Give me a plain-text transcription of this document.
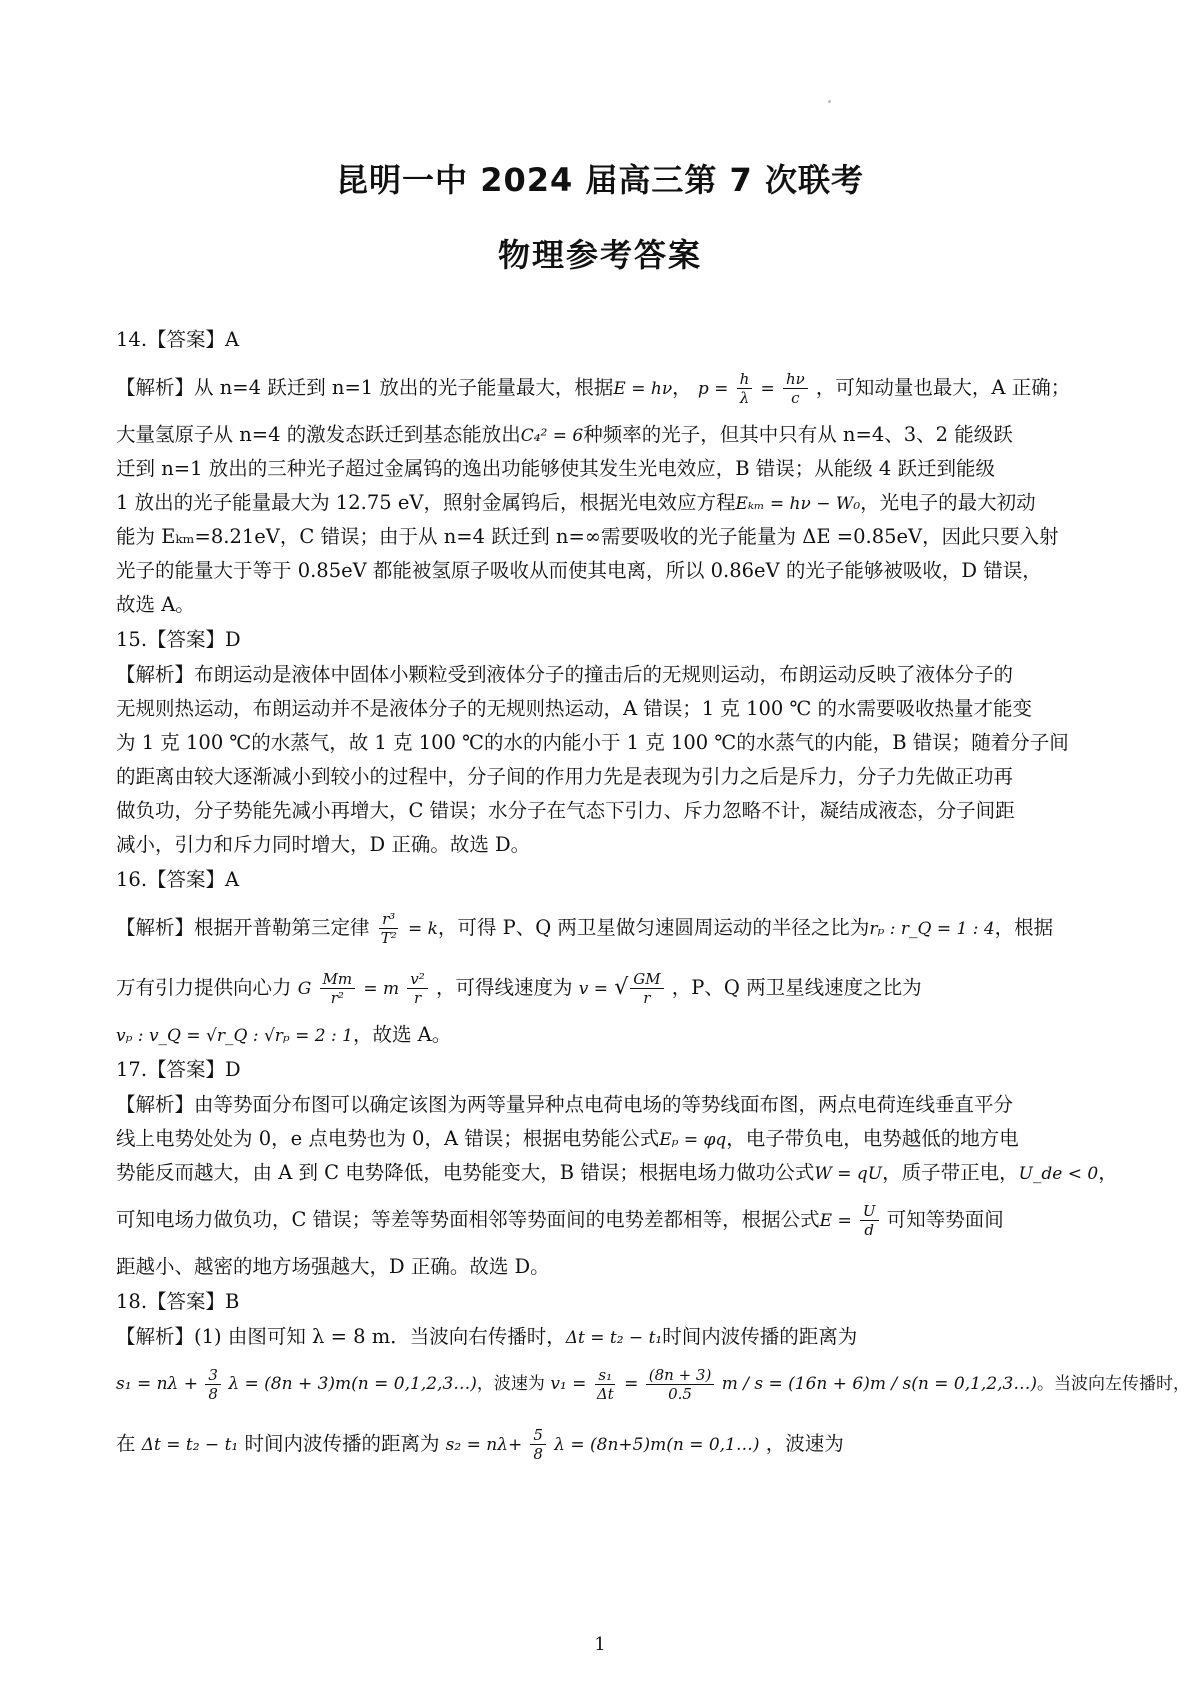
昆明一中 2024 届高三第 7 次联考
物理参考答案
14.【答案】A
【解析】从 n=4 跃迁到 n=1 放出的光子能量最大，根据E = hν， $p = \frac{h}{\lambda} = \frac{h\nu}{c}$ ，可知动量也最大，A 正确；
大量氢原子从 n=4 的激发态跃迁到基态能放出C₄² = 6种频率的光子，但其中只有从 n=4、3、2 能级跃
迁到 n=1 放出的三种光子超过金属钨的逸出功能够使其发生光电效应，B 错误；从能级 4 跃迁到能级
1 放出的光子能量最大为 12.75 eV，照射金属钨后，根据光电效应方程Eₖₘ = hν − W₀，光电子的最大初动
能为 Eₖₘ=8.21eV，C 错误；由于从 n=4 跃迁到 n=∞需要吸收的光子能量为 ΔE =0.85eV，因此只要入射
光子的能量大于等于 0.85eV 都能被氢原子吸收从而使其电离，所以 0.86eV 的光子能够被吸收，D 错误，
故选 A。
15.【答案】D
【解析】布朗运动是液体中固体小颗粒受到液体分子的撞击后的无规则运动，布朗运动反映了液体分子的
无规则热运动，布朗运动并不是液体分子的无规则热运动，A 错误；1 克 100 ℃ 的水需要吸收热量才能变
为 1 克 100 ℃的水蒸气，故 1 克 100 ℃的水的内能小于 1 克 100 ℃的水蒸气的内能，B 错误；随着分子间
的距离由较大逐渐减小到较小的过程中，分子间的作用力先是表现为引力之后是斥力，分子力先做正功再
做负功，分子势能先减小再增大，C 错误；水分子在气态下引力、斥力忽略不计，凝结成液态，分子间距
减小，引力和斥力同时增大，D 正确。故选 D。
16.【答案】A
【解析】根据开普勒第三定律 $\frac{\text{r³}}{\text{T²}} = k$，可得 P、Q 两卫星做匀速圆周运动的半径之比为rₚ : r_Q = 1 : 4，根据
万有引力提供向心力 G $\frac{Mm}{\text{r²}} = m \frac{\text{v²}}{r}$ ，可得线速度为 v = √ $\frac{GM}{r}$ ，P、Q 两卫星线速度之比为
vₚ : v_Q = √r_Q : √rₚ = 2 : 1，故选 A。
17.【答案】D
【解析】由等势面分布图可以确定该图为两等量异种点电荷电场的等势线面布图，两点电荷连线垂直平分
线上电势处处为 0，e 点电势也为 0，A 错误；根据电势能公式Eₚ = φq，电子带负电，电势越低的地方电
势能反而越大，由 A 到 C 电势降低，电势能变大，B 错误；根据电场力做功公式W = qU，质子带正电，U_de < 0，
可知电场力做负功，C 错误；等差等势面相邻等势面间的电势差都相等，根据公式$E = \frac{U}{d}$ 可知等势面间
距越小、越密的地方场强越大，D 正确。故选 D。
18.【答案】B
【解析】(1) 由图可知 λ = 8 m．当波向右传播时，Δt = t₂ − t₁时间内波传播的距离为
$s_1 = n\lambda + \frac{3}{8}$ λ = (8n + 3)m(n = 0,1,2,3…)，波速为 $v_1 = \frac{\text{s₁}}{\Delta t} = \frac{(8n + 3)}{0.5}$ m / s = (16n + 6)m / s(n = 0,1,2,3…)。当波向左传播时，
在 Δt = t₂ − t₁ 时间内波传播的距离为 $s_2 = n\lambda+ \frac{5}{8}$ λ = (8n+5)m(n = 0,1…) ，波速为
1
